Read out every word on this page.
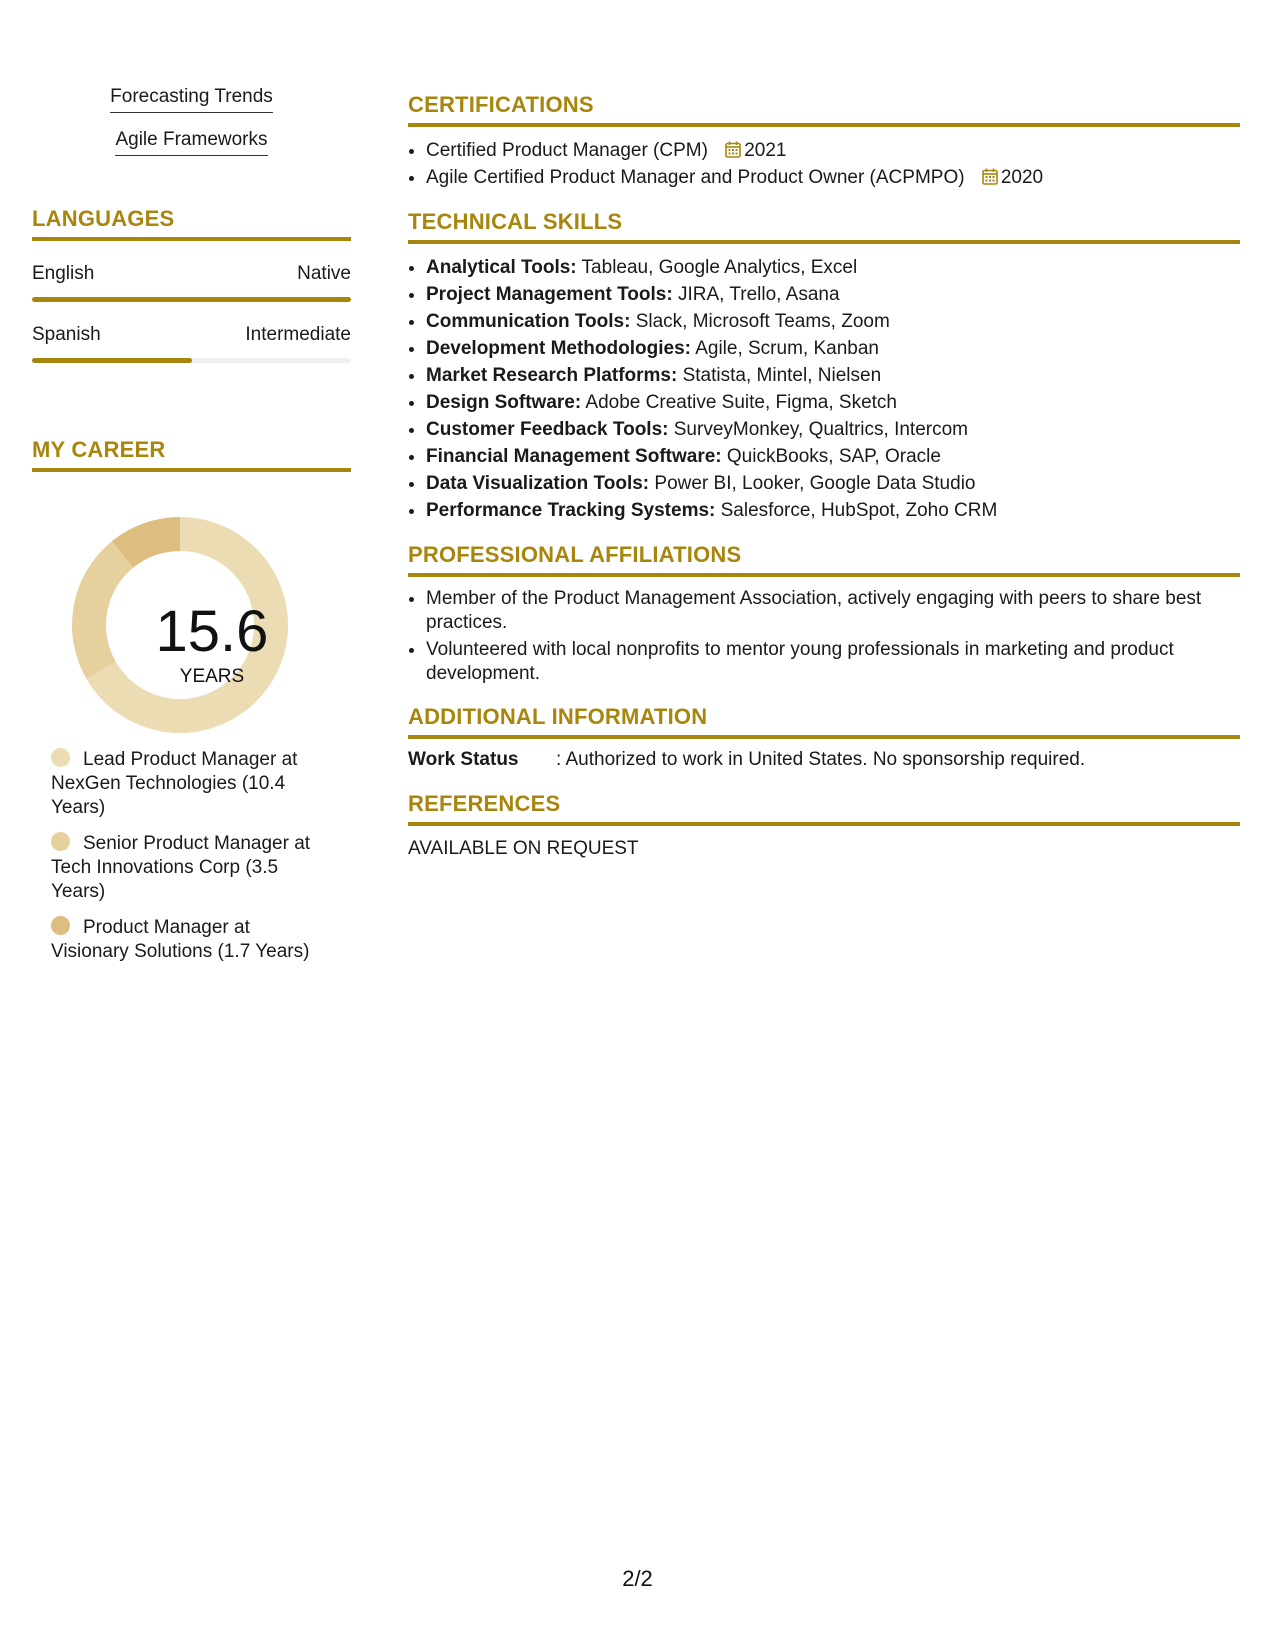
Forecasting Trends
Agile Frameworks
LANGUAGES
English	Native
Spanish	Intermediate
MY CAREER
15.6
YEARS
Lead Product Manager at NexGen Technologies (10.4 Years)
Senior Product Manager at Tech Innovations Corp (3.5 Years)
Product Manager at Visionary Solutions (1.7 Years)
CERTIFICATIONS
• Certified Product Manager (CPM) 2021
• Agile Certified Product Manager and Product Owner (ACPMPO) 2020
TECHNICAL SKILLS
• Analytical Tools: Tableau, Google Analytics, Excel
• Project Management Tools: JIRA, Trello, Asana
• Communication Tools: Slack, Microsoft Teams, Zoom
• Development Methodologies: Agile, Scrum, Kanban
• Market Research Platforms: Statista, Mintel, Nielsen
• Design Software: Adobe Creative Suite, Figma, Sketch
• Customer Feedback Tools: SurveyMonkey, Qualtrics, Intercom
• Financial Management Software: QuickBooks, SAP, Oracle
• Data Visualization Tools: Power BI, Looker, Google Data Studio
• Performance Tracking Systems: Salesforce, HubSpot, Zoho CRM
PROFESSIONAL AFFILIATIONS
• Member of the Product Management Association, actively engaging with peers to share best practices.
• Volunteered with local nonprofits to mentor young professionals in marketing and product development.
ADDITIONAL INFORMATION
Work Status	: Authorized to work in United States. No sponsorship required.
REFERENCES
AVAILABLE ON REQUEST
2/2
